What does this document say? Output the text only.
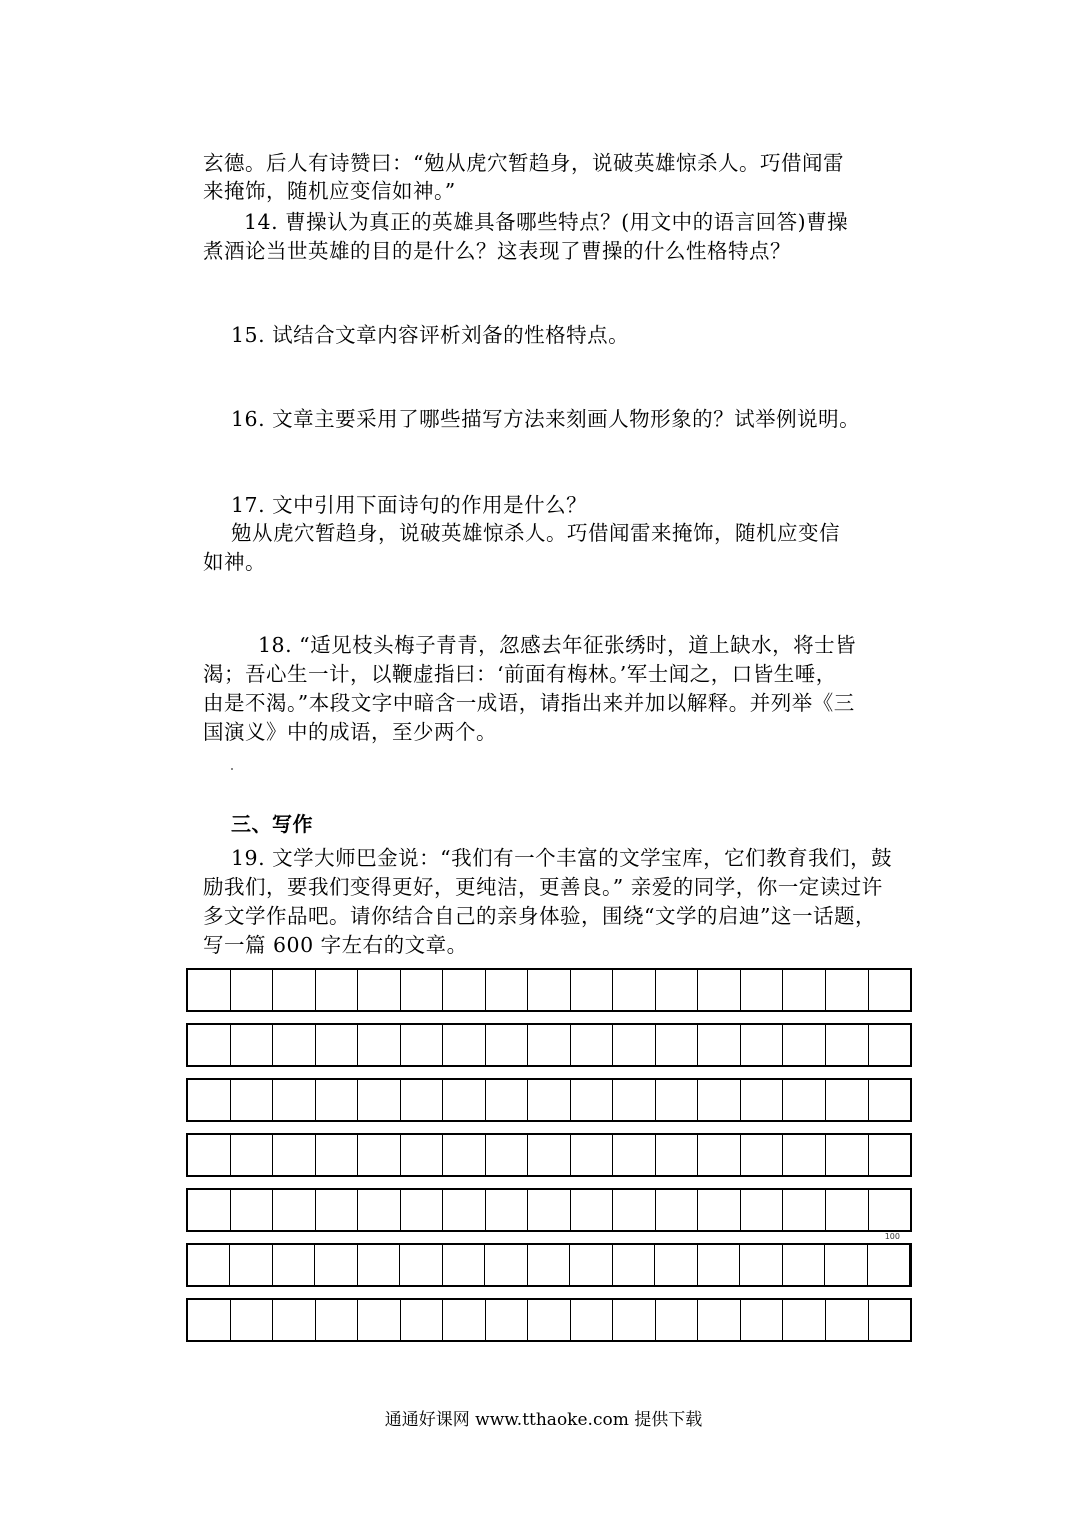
玄德。后人有诗赞曰：“勉从虎穴暂趋身，说破英雄惊杀人。巧借闻雷
来掩饰，随机应变信如神。”
14. 曹操认为真正的英雄具备哪些特点？(用文中的语言回答)曹操
煮酒论当世英雄的目的是什么？这表现了曹操的什么性格特点？
15. 试结合文章内容评析刘备的性格特点。
16. 文章主要采用了哪些描写方法来刻画人物形象的？试举例说明。
17. 文中引用下面诗句的作用是什么？
勉从虎穴暂趋身，说破英雄惊杀人。巧借闻雷来掩饰，随机应变信
如神。
18. “适见枝头梅子青青，忽感去年征张绣时，道上缺水，将士皆
渴；吾心生一计，以鞭虚指曰：‘前面有梅林。’军士闻之，口皆生唾，
由是不渴。”本段文字中暗含一成语，请指出来并加以解释。并列举《三
国演义》中的成语，至少两个。
三、写作
19. 文学大师巴金说：“我们有一个丰富的文学宝库，它们教育我们，鼓
励我们，要我们变得更好，更纯洁，更善良。” 亲爱的同学，你一定读过许
多文学作品吧。请你结合自己的亲身体验，围绕“文学的启迪”这一话题，
写一篇 600 字左右的文章。
100
通通好课网 www.tthaoke.com 提供下载
